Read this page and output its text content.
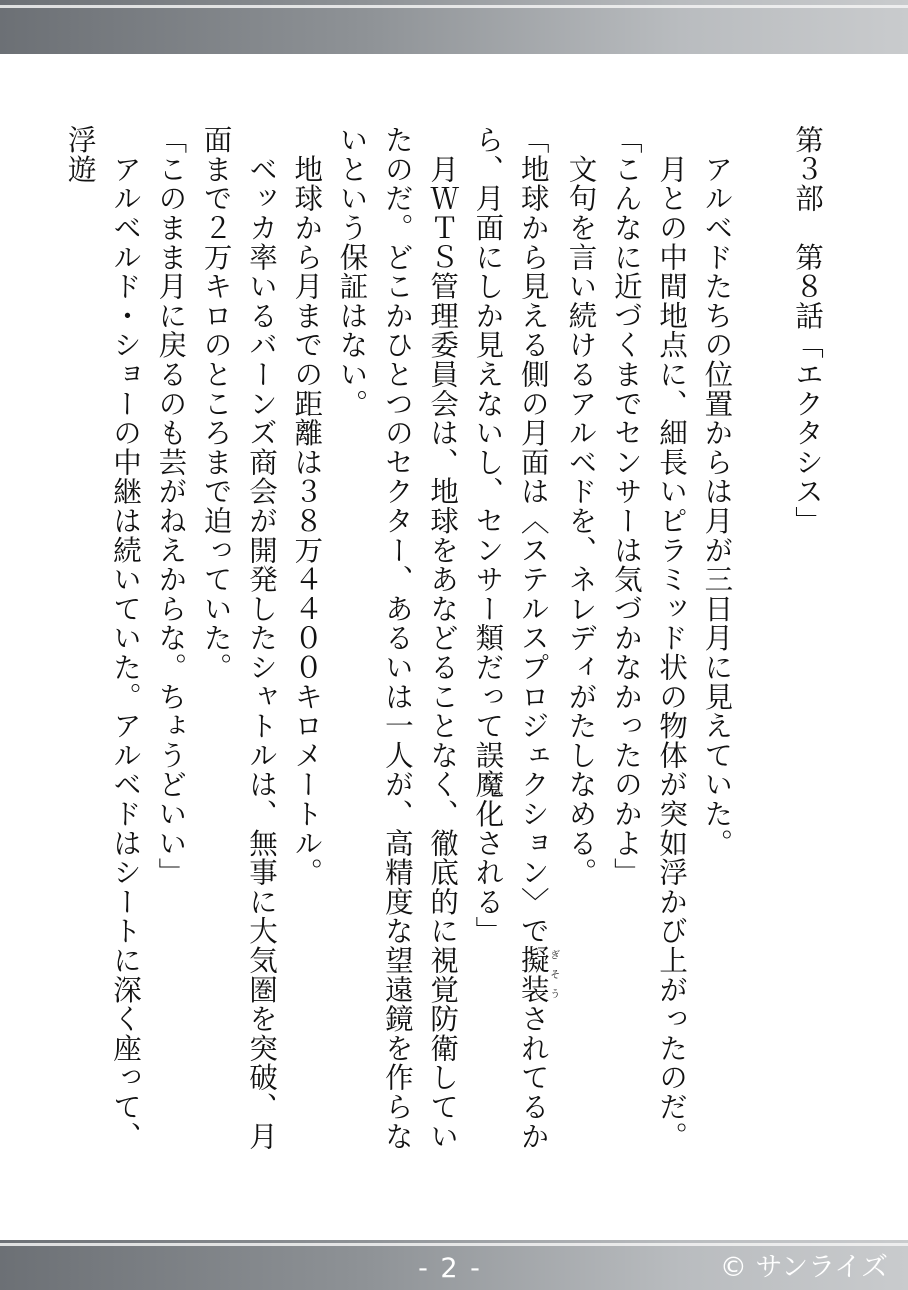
第３部　第８話「エクタシス」

アルベドたちの位置からは月が三日月に見えていた。

月との中間地点に、細長いピラミッド状の物体が突如浮かび上がったのだ。

「こんなに近づくまでセンサーは気づかなかったのかよ」

文句を言い続けるアルベドを、ネレディがたしなめる。

「地球から見える側の月面は〈ステルスプロジェクション〉で擬装ぎそうされてるから、月面にしか見えないし、センサー類だって誤魔化される」

月ＷＴＳ管理委員会は、地球をあなどることなく、徹底的に視覚防衛していたのだ。どこかひとつのセクター、あるいは一人が、高精度な望遠鏡を作らないという保証はない。

地球から月までの距離は３８万４４００キロメートル。

ベッカ率いるバーンズ商会が開発したシャトルは、無事に大気圏を突破、月面まで２万キロのところまで迫っていた。

「このまま月に戻るのも芸がねえからな。ちょうどいい」

アルベルド・ショーの中継は続いていた。アルベドはシートに深く座って、浮遊

- 2 -	© サンライズ
